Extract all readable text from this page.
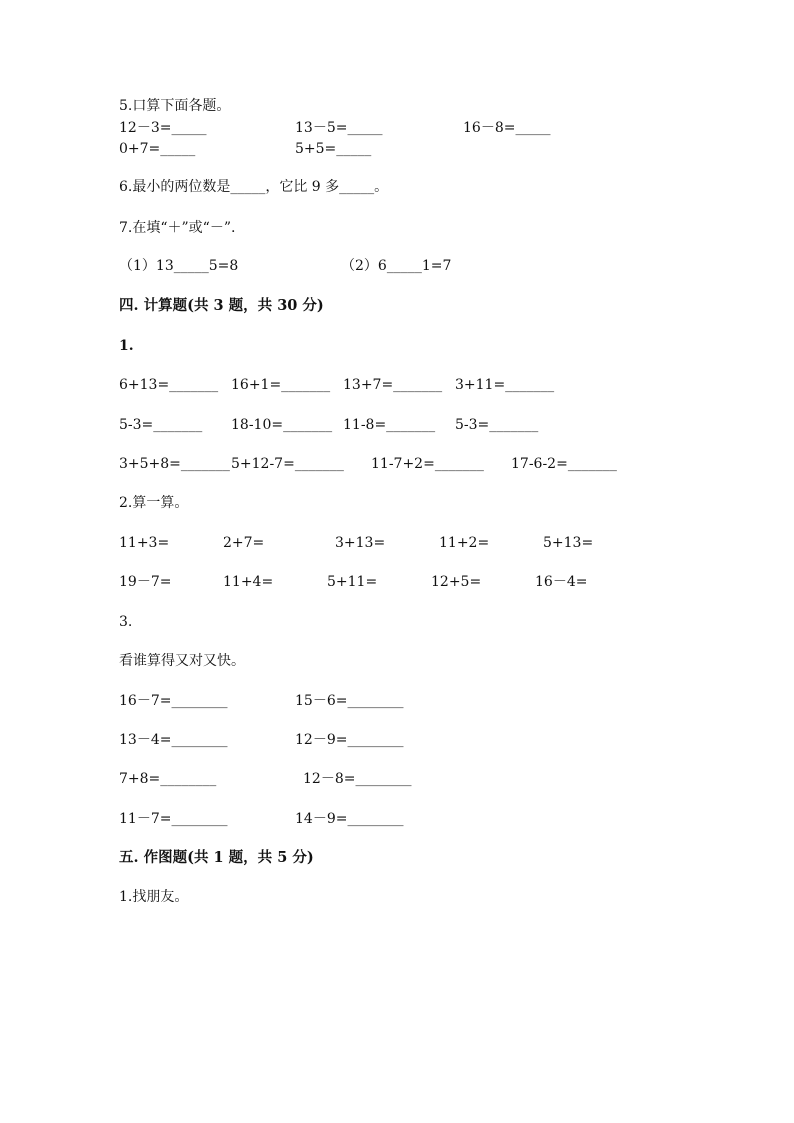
5.口算下面各题。
12－3=_____	13－5=_____	16－8=_____
0+7=_____	5+5=_____
6.最小的两位数是_____，它比 9 多_____。
7.在填“＋”或“－”.
（1）13_____5=8	（2）6_____1=7
四. 计算题(共 3 题，共 30 分)
1.
6+13=_______ 16+1=_______ 13+7=_______ 3+11=_______
5-3=_______ 18-10=_______ 11-8=_______ 5-3=_______
3+5+8=_______ 5+12-7=_______ 11-7+2=_______ 17-6-2=_______
2.算一算。
11+3=	2+7=	3+13=	11+2=	5+13=
19－7=	11+4=	5+11=	12+5=	16－4=
3.
看谁算得又对又快。
16－7=________	15－6=________
13－4=________	12－9=________
7+8=________	12－8=________
11－7=________	14－9=________
五. 作图题(共 1 题，共 5 分)
1.找朋友。
